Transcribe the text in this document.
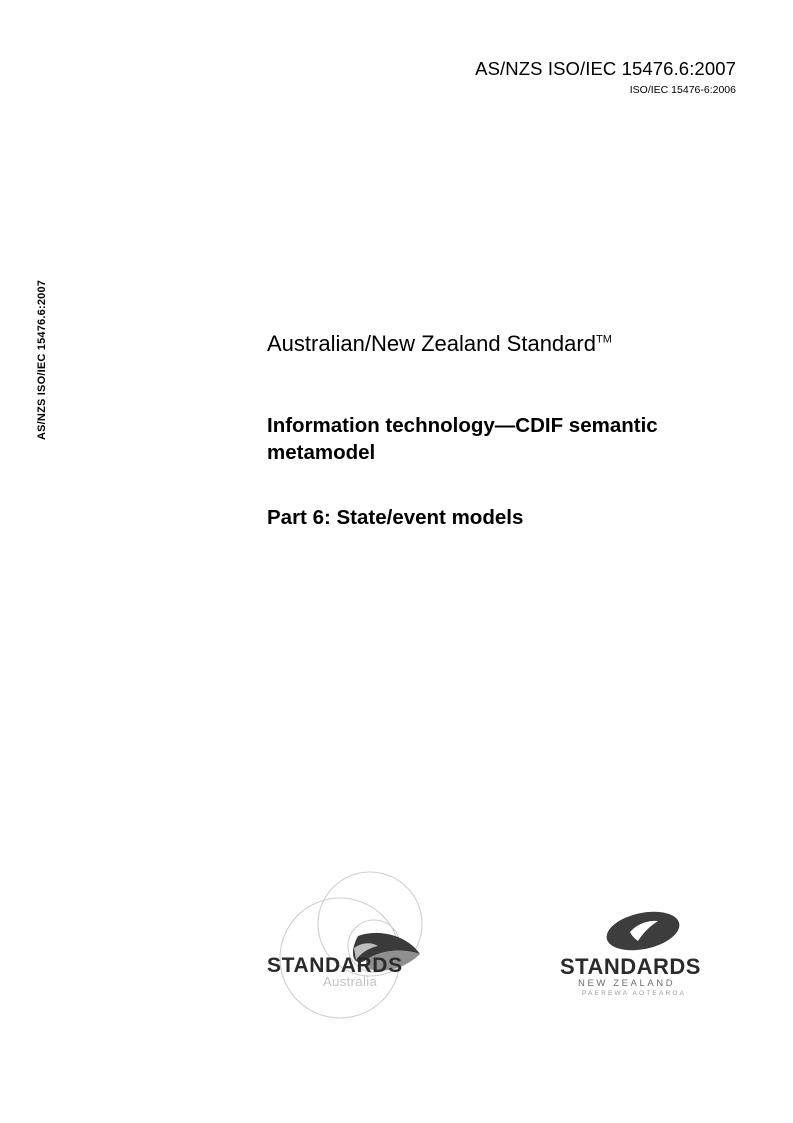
AS/NZS ISO/IEC 15476.6:2007
AS/NZS ISO/IEC 15476.6:2007
ISO/IEC 15476-6:2006
Australian/New Zealand Standard™
Information technology—CDIF semantic metamodel
Part 6: State/event models
STANDARDS
Australia
STANDARDS
NEW ZEALAND
PAEREWA AOTEAROA
